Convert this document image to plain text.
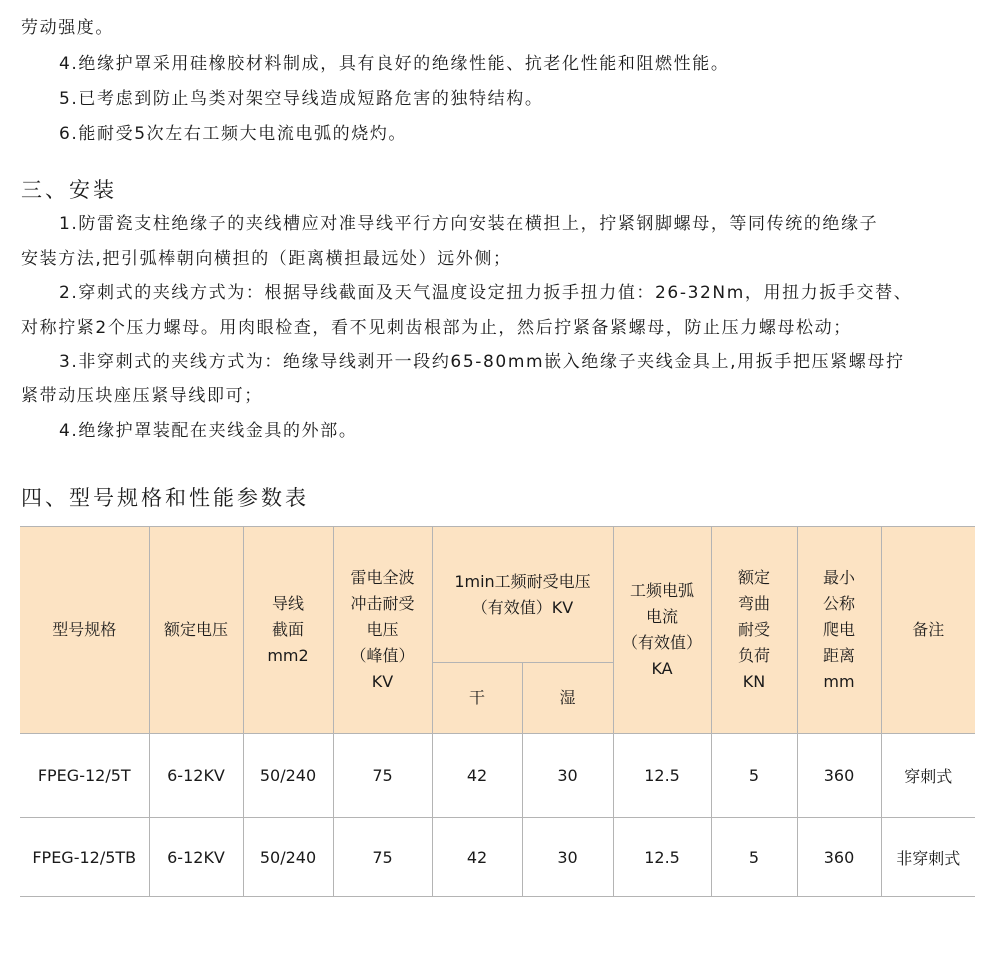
劳动强度。
4.绝缘护罩采用硅橡胶材料制成，具有良好的绝缘性能、抗老化性能和阻燃性能。
5.已考虑到防止鸟类对架空导线造成短路危害的独特结构。
6.能耐受5次左右工频大电流电弧的烧灼。
三、安装
1.防雷瓷支柱绝缘子的夹线槽应对准导线平行方向安装在横担上，拧紧钢脚螺母，等同传统的绝缘子
安装方法,把引弧棒朝向横担的（距离横担最远处）远外侧；
2.穿刺式的夹线方式为：根据导线截面及天气温度设定扭力扳手扭力值：26-32Nm，用扭力扳手交替、
对称拧紧2个压力螺母。用肉眼检查，看不见刺齿根部为止，然后拧紧备紧螺母，防止压力螺母松动；
3.非穿刺式的夹线方式为：绝缘导线剥开一段约65-80mm嵌入绝缘子夹线金具上,用扳手把压紧螺母拧
紧带动压块座压紧导线即可；
4.绝缘护罩装配在夹线金具的外部。
四、型号规格和性能参数表
型号规格	额定电压	导线
截面
mm2	雷电全波
冲击耐受
电压
（峰值）
KV	1min工频耐受电压
（有效值）KV		工频电弧
电流
（有效值）
KA	额定
弯曲
耐受
负荷
KN	最小
公称
爬电
距离
mm	备注
				干	湿				
FPEG-12/5T	6-12KV	50/240	75	42	30	12.5	5	360	穿刺式
FPEG-12/5TB	6-12KV	50/240	75	42	30	12.5	5	360	非穿刺式
